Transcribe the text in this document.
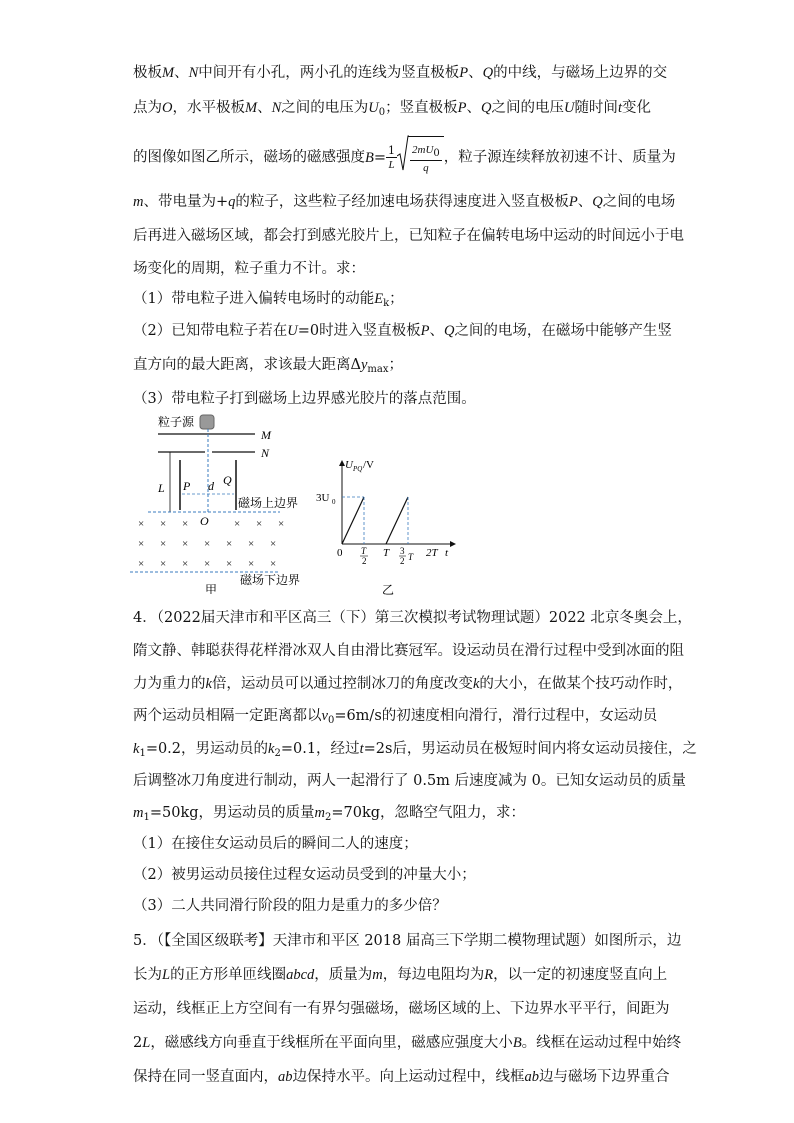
极板M、N中间开有小孔，两小孔的连线为竖直极板P、Q的中线，与磁场上边界的交
点为O，水平极板M、N之间的电压为$U_0$；竖直极板P、Q之间的电压U随时间t变化
的图像如图乙所示，磁场的磁感强度$B= \frac{1}{L} \frac{2mU0}{q}$ ，粒子源连续释放初速不计、质量为
m、带电量为+q的粒子，这些粒子经加速电场获得速度进入竖直极板P、Q之间的电场
后再进入磁场区域，都会打到感光胶片上，已知粒子在偏转电场中运动的时间远小于电
场变化的周期，粒子重力不计。求：
（1）带电粒子进入偏转电场时的动能$E_k$；
（2）已知带电粒子若在U=0时进入竖直极板P、Q之间的电场，在磁场中能够产生竖
直方向的最大距离，求该最大距离$\Delta y_{max}$；
（3）带电粒子打到磁场上边界感光胶片的落点范围。
粒子源
M
N
L P	Q
d
磁场上边界
O
× × ×	× × ×
× × × × × × ×
× × × × × × ×
磁场下边界
甲
U PQ /V
3U 0
0 T
2
T 3
2 T 2T t
乙
4．（2022届天津市和平区高三（下）第三次模拟考试物理试题）2022 北京冬奥会上，
隋文静、韩聪获得花样滑冰双人自由滑比赛冠军。设运动员在滑行过程中受到冰面的阻
力为重力的k倍，运动员可以通过控制冰刀的角度改变k的大小，在做某个技巧动作时，
两个运动员相隔一定距离都以$v_0=6m/s$的初速度相向滑行，滑行过程中，女运动员
$k_1=0.2$，男运动员的$k_2=0.1$，经过t=2s后，男运动员在极短时间内将女运动员接住，之
后调整冰刀角度进行制动，两人一起滑行了 0.5m 后速度减为 0。已知女运动员的质量
$m_1=50kg$，男运动员的质量$m_2=70kg$，忽略空气阻力，求：
（1）在接住女运动员后的瞬间二人的速度；
（2）被男运动员接住过程女运动员受到的冲量大小；
（3）二人共同滑行阶段的阻力是重力的多少倍？
5．（【全国区级联考】天津市和平区 2018 届高三下学期二模物理试题）如图所示，边
长为L的正方形单匝线圈abcd，质量为m，每边电阻均为R，以一定的初速度竖直向上
运动，线框正上方空间有一有界匀强磁场，磁场区域的上、下边界水平平行，间距为
2L，磁感线方向垂直于线框所在平面向里，磁感应强度大小B。线框在运动过程中始终
保持在同一竖直面内，ab边保持水平。向上运动过程中，线框ab边与磁场下边界重合
